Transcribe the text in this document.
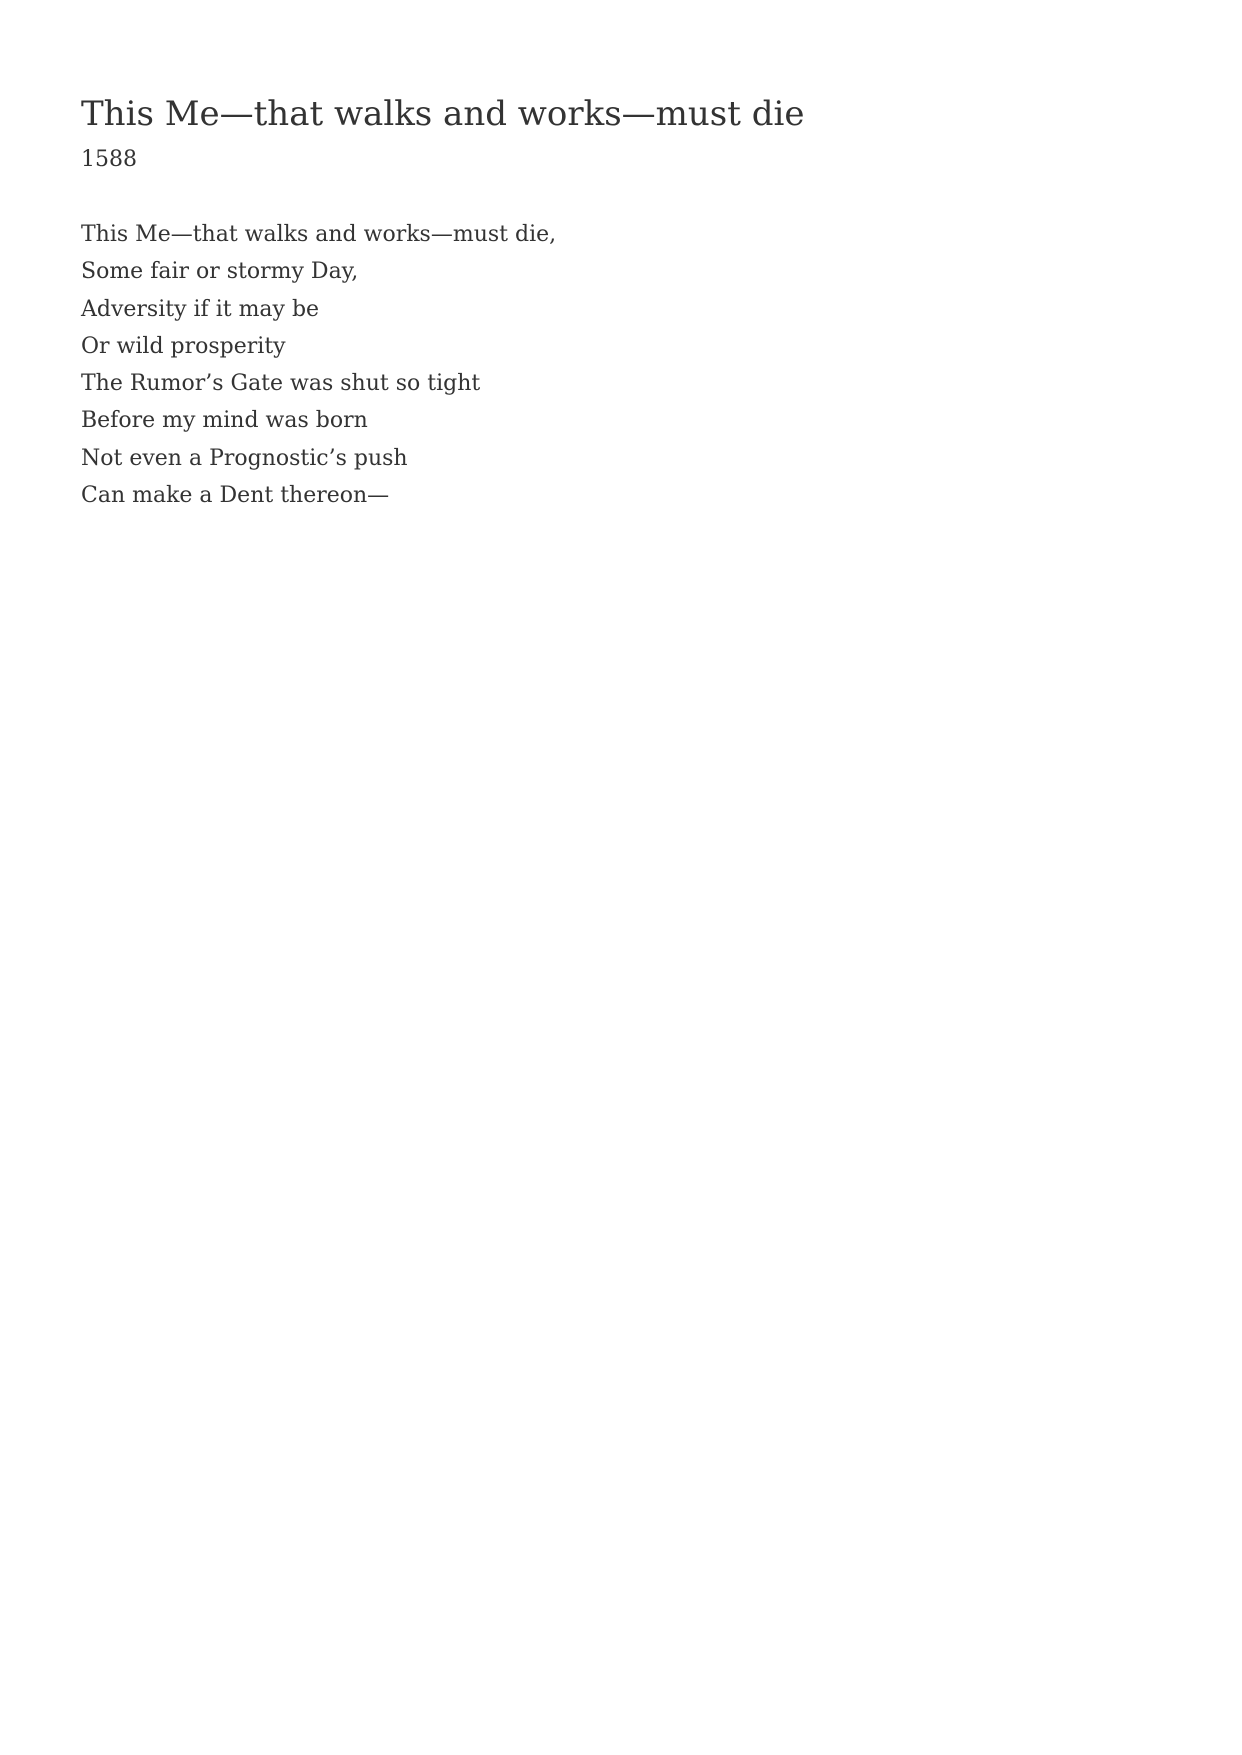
This Me—that walks and works—must die
1588
This Me—that walks and works—must die,
Some fair or stormy Day,
Adversity if it may be
Or wild prosperity
The Rumor’s Gate was shut so tight
Before my mind was born
Not even a Prognostic’s push
Can make a Dent thereon—
